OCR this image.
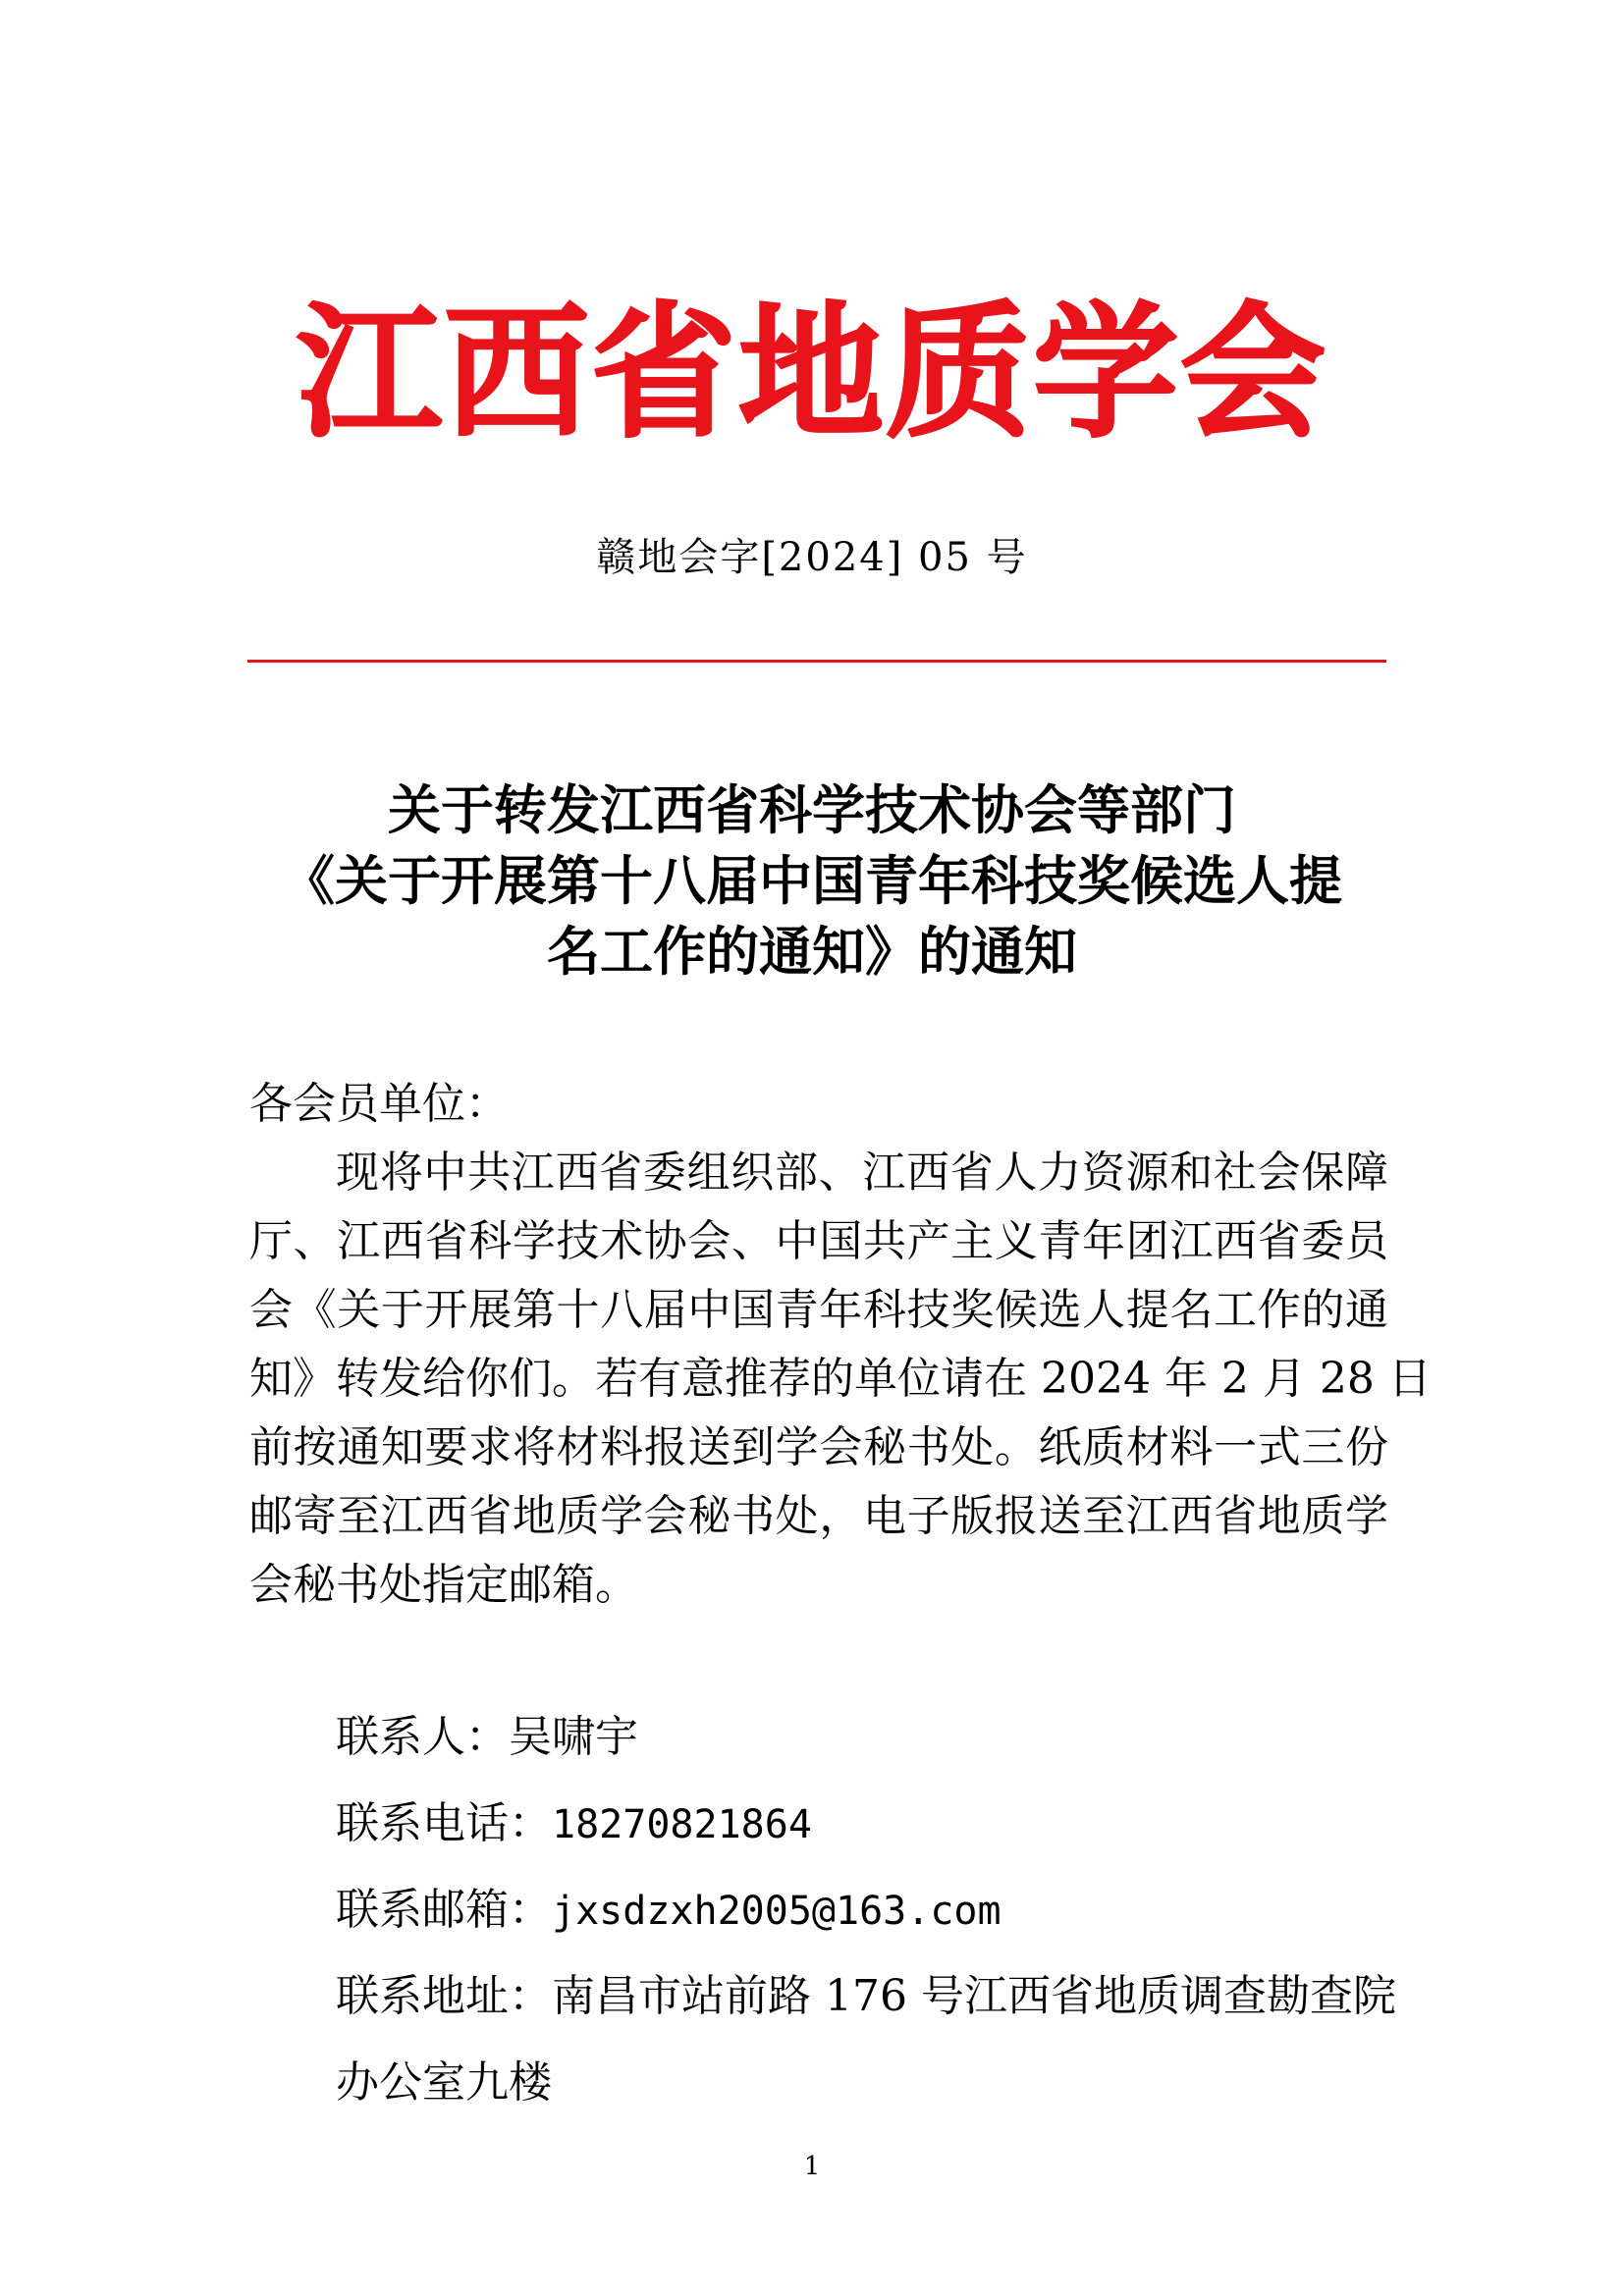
江西省地质学会
赣地会字[2024] 05 号
关于转发江西省科学技术协会等部门
《关于开展第十八届中国青年科技奖候选人提
名工作的通知》的通知
各会员单位：
现将中共江西省委组织部、江西省人力资源和社会保障
厅、江西省科学技术协会、中国共产主义青年团江西省委员
会《关于开展第十八届中国青年科技奖候选人提名工作的通
知》转发给你们。若有意推荐的单位请在 2024 年 2 月 28 日
前按通知要求将材料报送到学会秘书处。纸质材料一式三份
邮寄至江西省地质学会秘书处，电子版报送至江西省地质学
会秘书处指定邮箱。
联系人：吴啸宇
联系电话：18270821864
联系邮箱：jxsdzxh2005@163.com
联系地址：南昌市站前路 176 号江西省地质调查勘查院
办公室九楼
1
